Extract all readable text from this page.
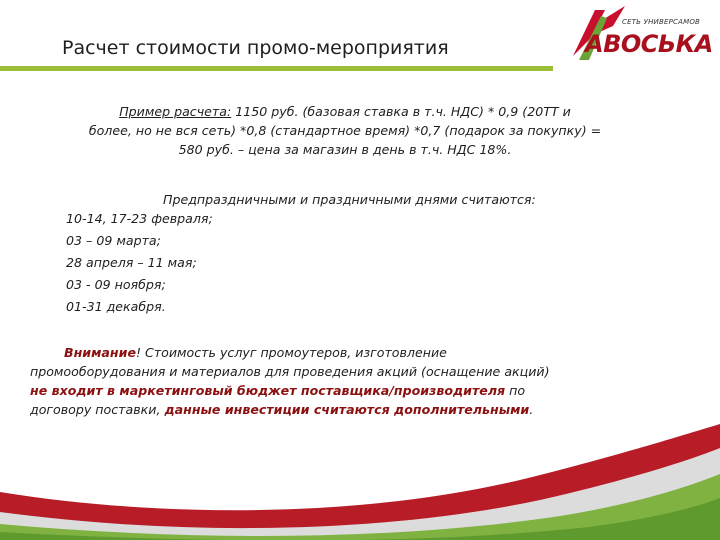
Расчет стоимости промо-мероприятия
СЕТЬ УНИВЕРСАМОВ
АВОСЬКА
Пример расчета: 1150 руб. (базовая ставка в т.ч. НДС) * 0,9 (20ТТ и
более, но не вся сеть) *0,8 (стандартное время) *0,7 (подарок за покупку) =
580 руб. – цена за магазин в день в т.ч. НДС 18%.
Предпраздничными и праздничными днями считаются:
10-14, 17-23 февраля;
03 – 09 марта;
28 апреля – 11 мая;
03 - 09 ноября;
01-31 декабря.
Внимание! Стоимость услуг промоутеров, изготовление
промооборудования и материалов для проведения акций (оснащение акций)
не входит в маркетинговый бюджет поставщика/производителя по
договору поставки, данные инвестиции считаются дополнительными.
